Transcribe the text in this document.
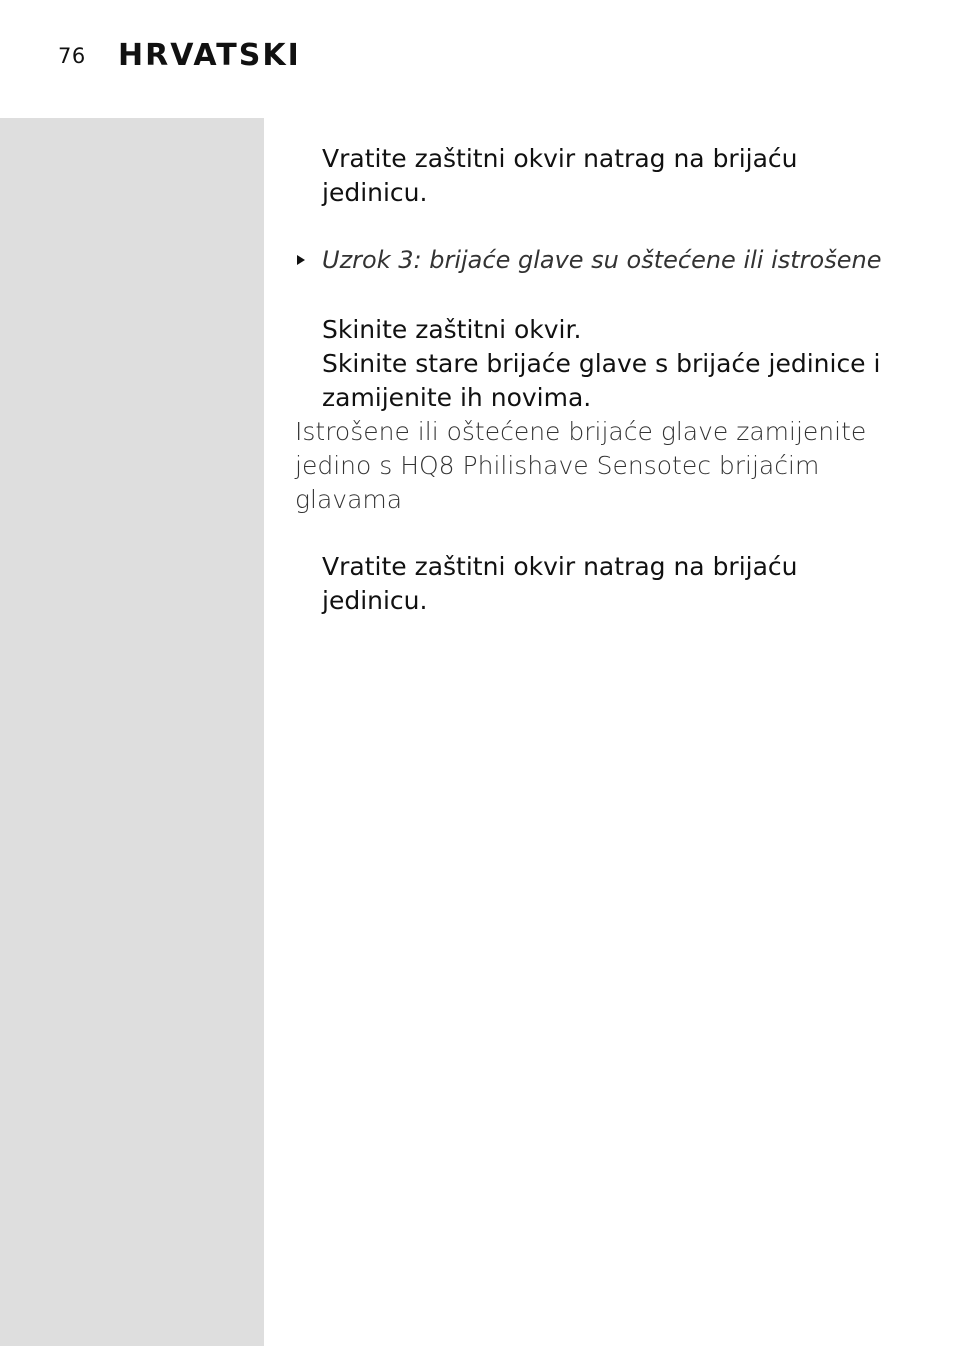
76 HRVATSKI
Vratite zaštitni okvir natrag na brijaću
jedinicu.
Uzrok 3: brijaće glave su oštećene ili istrošene
Skinite zaštitni okvir.
Skinite stare brijaće glave s brijaće jedinice i
zamijenite ih novima.
Istrošene ili oštećene brijaće glave zamijenite
jedino s HQ8 Philishave Sensotec brijaćim
glavama
Vratite zaštitni okvir natrag na brijaću
jedinicu.
